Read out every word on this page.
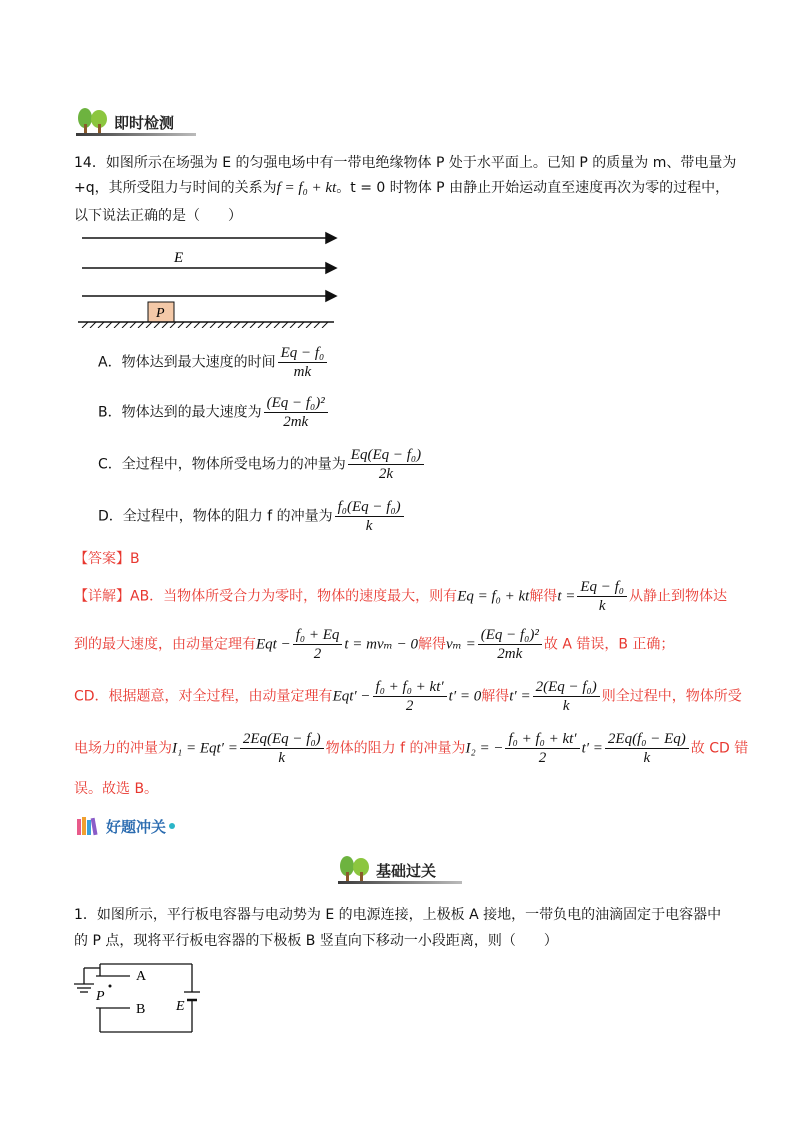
即时检测
14．如图所示在场强为 E 的匀强电场中有一带电绝缘物体 P 处于水平面上。已知 P 的质量为 m、带电量为
+q，其所受阻力与时间的关系为f = f₀ + kt。t = 0 时物体 P 由静止开始运动直至速度再次为零的过程中，
以下说法正确的是（　　）
E
P
A．物体达到最大速度的时间 $\frac{\text{Eq − f₀}}{mk}$
B．物体达到的最大速度为 $\frac{\text{(Eq − f₀)²}}{2mk}$
C．全过程中，物体所受电场力的冲量为 $\frac{\text{Eq(Eq − f₀)}}{2k}$
D．全过程中，物体的阻力 f 的冲量为 $\frac{\text{f₀(Eq − f₀)}}{k}$
【答案】B
【详解】AB．当物体所受合力为零时，物体的速度最大，则有Eq = f₀ + kt解得$t = \frac{\text{Eq − f₀}}{k}$ 从静止到物体达
到的最大速度，由动量定理有Eqt − $\frac{\text{f₀ + Eq}}{2}$ t = mvₘ − 0解得$v_m = \frac{\text{(Eq − f₀)²}}{2mk}$ 故 A 错误，B 正确；
CD．根据题意，对全过程，由动量定理有$Eqt' - \frac{\text{f₀ + f₀ + kt′}}{2} t' = 0$解得$t' = \frac{\text{2(Eq − f₀)}}{k}$ 则全过程中，物体所受
电场力的冲量为$I_1 = Eqt' = \frac{\text{2Eq(Eq − f₀)}}{k}$ 物体的阻力 f 的冲量为I₂ = − $\frac{\text{f₀ + f₀ + kt′}}{2} t' = \frac{\text{2Eq(f₀ − Eq)}}{k}$ 故 CD 错
误。故选 B。
好题冲关
基础过关
1．如图所示，平行板电容器与电动势为 E 的电源连接，上极板 A 接地，一带负电的油滴固定于电容器中
的 P 点，现将平行板电容器的下极板 B 竖直向下移动一小段距离，则（　　）
A
B
P
E
